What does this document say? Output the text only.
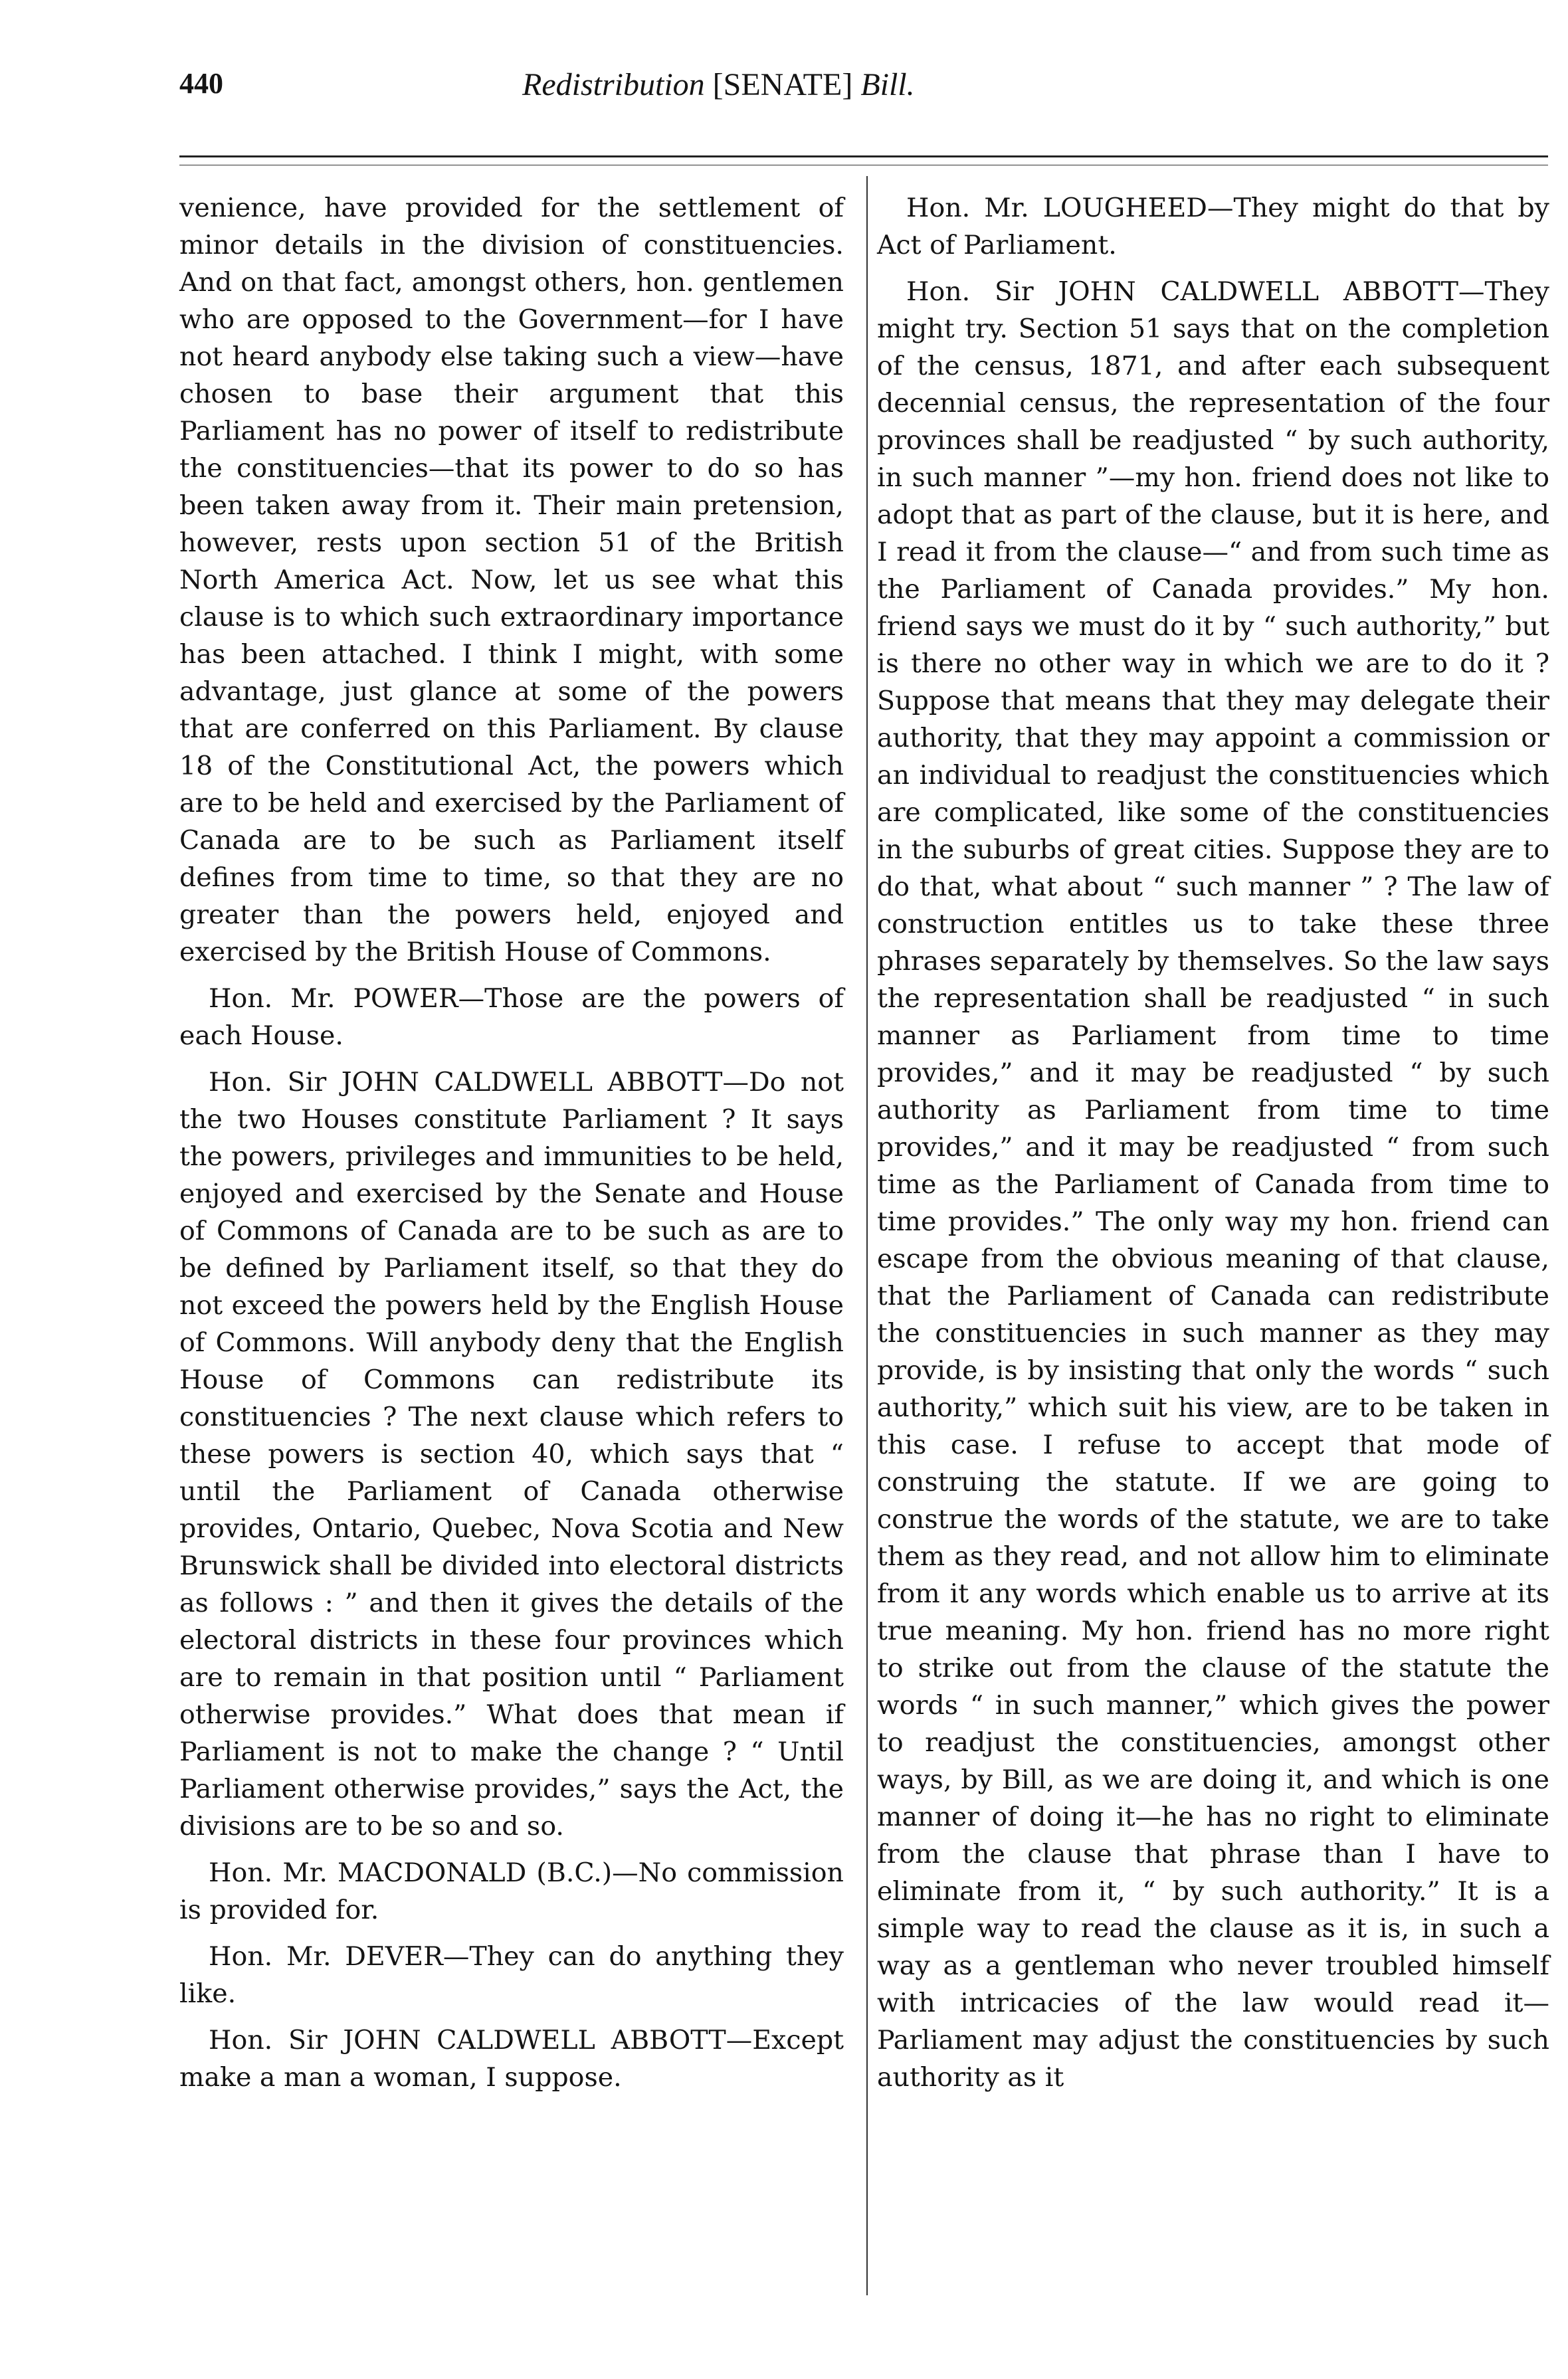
440	Redistribution [SENATE] Bill.

venience, have provided for the settlement of minor details in the division of constituencies. And on that fact, amongst others, hon. gentlemen who are opposed to the Government—for I have not heard anybody else taking such a view—have chosen to base their argument that this Parliament has no power of itself to redistribute the constituencies—that its power to do so has been taken away from it. Their main pretension, however, rests upon section 51 of the British North America Act. Now, let us see what this clause is to which such extraordinary importance has been attached. I think I might, with some advantage, just glance at some of the powers that are conferred on this Parliament. By clause 18 of the Constitutional Act, the powers which are to be held and exercised by the Parliament of Canada are to be such as Parliament itself defines from time to time, so that they are no greater than the powers held, enjoyed and exercised by the British House of Commons.

Hon. Mr. POWER—Those are the powers of each House.

Hon. Sir JOHN CALDWELL ABBOTT—Do not the two Houses constitute Parliament ? It says the powers, privileges and immunities to be held, enjoyed and exercised by the Senate and House of Commons of Canada are to be such as are to be defined by Parliament itself, so that they do not exceed the powers held by the English House of Commons. Will anybody deny that the English House of Commons can redistribute its constituencies ? The next clause which refers to these powers is section 40, which says that “ until the Parliament of Canada otherwise provides, Ontario, Quebec, Nova Scotia and New Brunswick shall be divided into electoral districts as follows : ” and then it gives the details of the electoral districts in these four provinces which are to remain in that position until “ Parliament otherwise provides.” What does that mean if Parliament is not to make the change ? “ Until Parliament otherwise provides,” says the Act, the divisions are to be so and so.

Hon. Mr. MACDONALD (B.C.)—No commission is provided for.

Hon. Mr. DEVER—They can do anything they like.

Hon. Sir JOHN CALDWELL ABBOTT—Except make a man a woman, I suppose.

Hon. Mr. LOUGHEED—They might do that by Act of Parliament.

Hon. Sir JOHN CALDWELL ABBOTT—They might try. Section 51 says that on the completion of the census, 1871, and after each subsequent decennial census, the representation of the four provinces shall be readjusted “ by such authority, in such manner ”—my hon. friend does not like to adopt that as part of the clause, but it is here, and I read it from the clause—“ and from such time as the Parliament of Canada provides.” My hon. friend says we must do it by “ such authority,” but is there no other way in which we are to do it ? Suppose that means that they may delegate their authority, that they may appoint a commission or an individual to readjust the constituencies which are complicated, like some of the constituencies in the suburbs of great cities. Suppose they are to do that, what about “ such manner ” ? The law of construction entitles us to take these three phrases separately by themselves. So the law says the representation shall be readjusted “ in such manner as Parliament from time to time provides,” and it may be readjusted “ by such authority as Parliament from time to time provides,” and it may be readjusted “ from such time as the Parliament of Canada from time to time provides.” The only way my hon. friend can escape from the obvious meaning of that clause, that the Parliament of Canada can redistribute the constituencies in such manner as they may provide, is by insisting that only the words “ such authority,” which suit his view, are to be taken in this case. I refuse to accept that mode of construing the statute. If we are going to construe the words of the statute, we are to take them as they read, and not allow him to eliminate from it any words which enable us to arrive at its true meaning. My hon. friend has no more right to strike out from the clause of the statute the words “ in such manner,” which gives the power to readjust the constituencies, amongst other ways, by Bill, as we are doing it, and which is one manner of doing it—he has no right to eliminate from the clause that phrase than I have to eliminate from it, “ by such authority.” It is a simple way to read the clause as it is, in such a way as a gentleman who never troubled himself with intricacies of the law would read it—Parliament may adjust the constituencies by such authority as it
